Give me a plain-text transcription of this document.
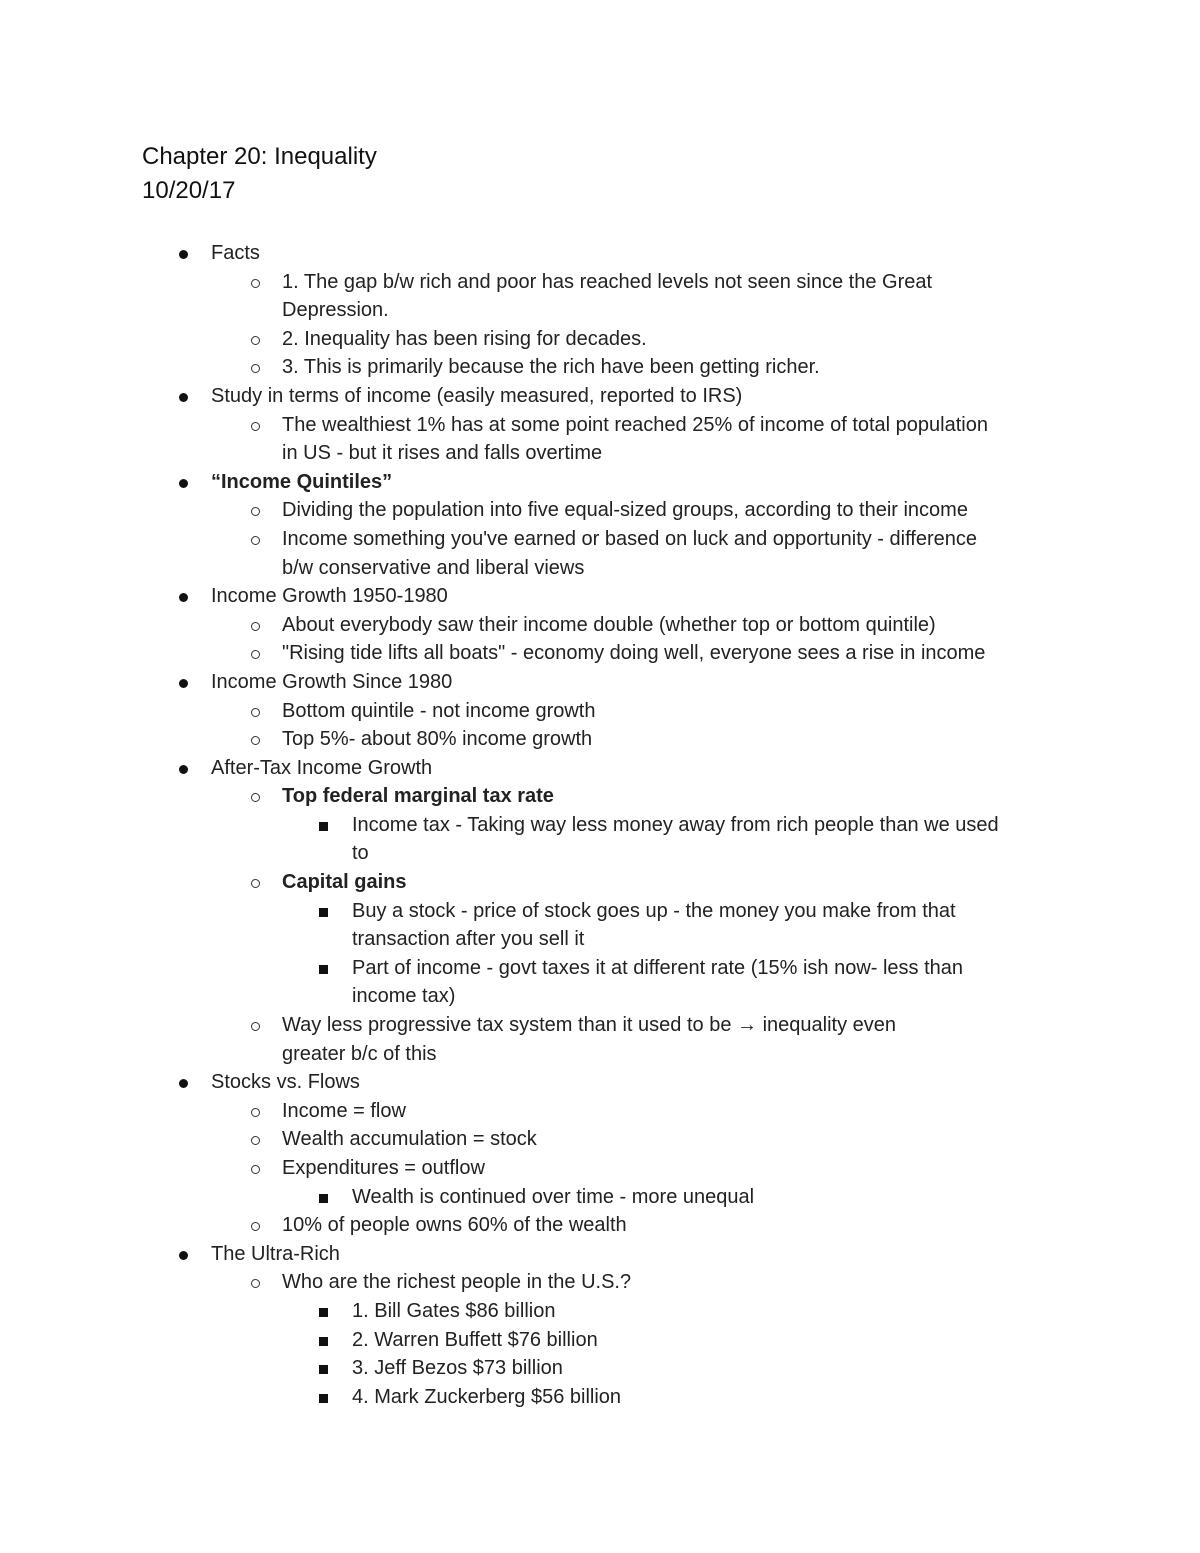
Chapter 20: Inequality
10/20/17
Facts
1. The gap b/w rich and poor has reached levels not seen since the Great
Depression.
2. Inequality has been rising for decades.
3. This is primarily because the rich have been getting richer.
Study in terms of income (easily measured, reported to IRS)
The wealthiest 1% has at some point reached 25% of income of total population
in US - but it rises and falls overtime
“Income Quintiles”
Dividing the population into five equal-sized groups, according to their income
Income something you've earned or based on luck and opportunity - difference
b/w conservative and liberal views
Income Growth 1950-1980
About everybody saw their income double (whether top or bottom quintile)
"Rising tide lifts all boats" - economy doing well, everyone sees a rise in income
Income Growth Since 1980
Bottom quintile - not income growth
Top 5%- about 80% income growth
After-Tax Income Growth
Top federal marginal tax rate
Income tax - Taking way less money away from rich people than we used
to
Capital gains
Buy a stock - price of stock goes up - the money you make from that
transaction after you sell it
Part of income - govt taxes it at different rate (15% ish now- less than
income tax)
Way less progressive tax system than it used to be → inequality even
greater b/c of this
Stocks vs. Flows
Income = flow
Wealth accumulation = stock
Expenditures = outflow
Wealth is continued over time - more unequal
10% of people owns 60% of the wealth
The Ultra-Rich
Who are the richest people in the U.S.?
1. Bill Gates $86 billion
2. Warren Buffett $76 billion
3. Jeff Bezos $73 billion
4. Mark Zuckerberg $56 billion
